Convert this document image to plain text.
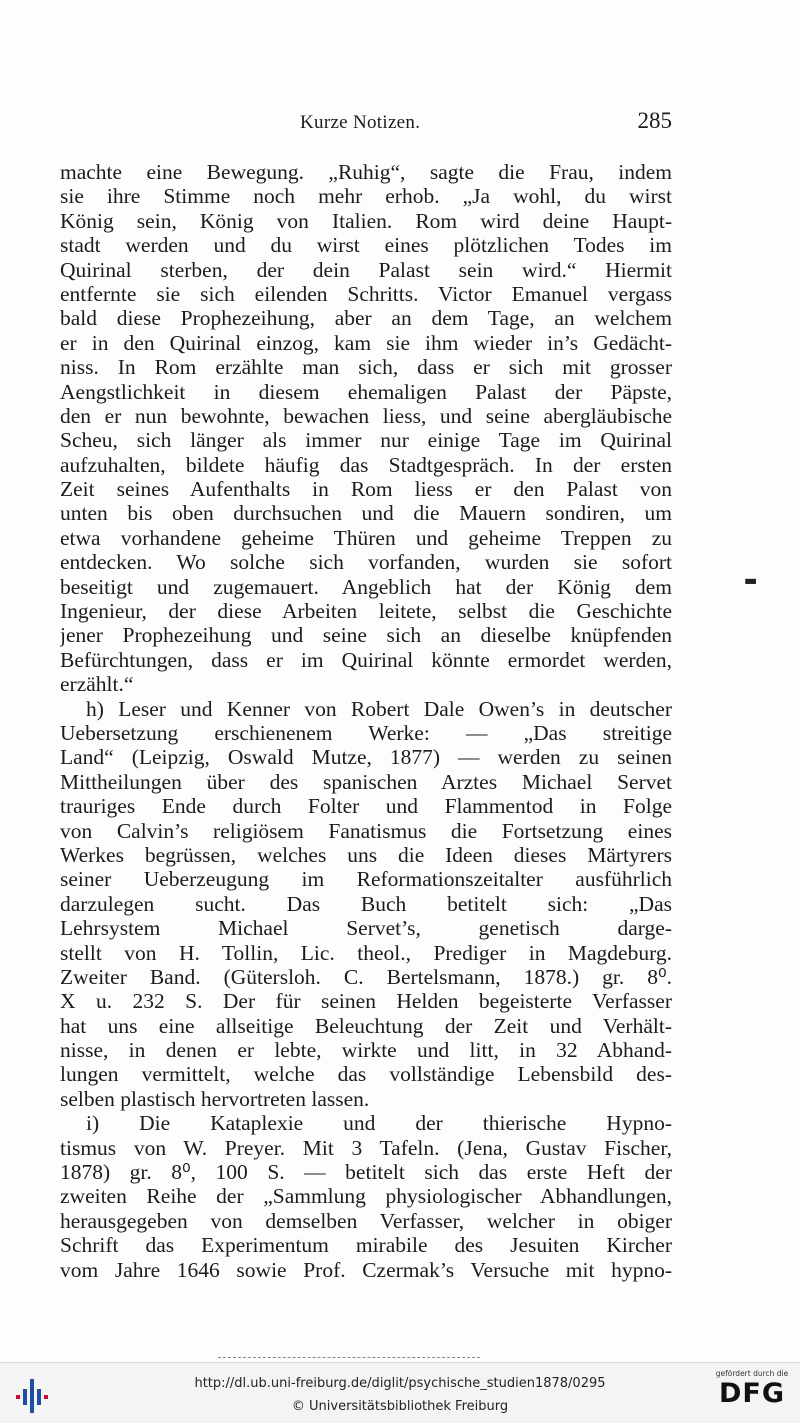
Kurze Notizen.	285
machte eine Bewegung. „Ruhig“, sagte die Frau, indem
sie ihre Stimme noch mehr erhob. „Ja wohl, du wirst
König sein, König von Italien. Rom wird deine Haupt-
stadt werden und du wirst eines plötzlichen Todes im
Quirinal sterben, der dein Palast sein wird.“ Hiermit
entfernte sie sich eilenden Schritts. Victor Emanuel vergass
bald diese Prophezeihung, aber an dem Tage, an welchem
er in den Quirinal einzog, kam sie ihm wieder in’s Gedächt-
niss. In Rom erzählte man sich, dass er sich mit grosser
Aengstlichkeit in diesem ehemaligen Palast der Päpste,
den er nun bewohnte, bewachen liess, und seine abergläubische
Scheu, sich länger als immer nur einige Tage im Quirinal
aufzuhalten, bildete häufig das Stadtgespräch. In der ersten
Zeit seines Aufenthalts in Rom liess er den Palast von
unten bis oben durchsuchen und die Mauern sondiren, um
etwa vorhandene geheime Thüren und geheime Treppen zu
entdecken. Wo solche sich vorfanden, wurden sie sofort
beseitigt und zugemauert. Angeblich hat der König dem
Ingenieur, der diese Arbeiten leitete, selbst die Geschichte
jener Prophezeihung und seine sich an dieselbe knüpfenden
Befürchtungen, dass er im Quirinal könnte ermordet werden,
erzählt.“
h) Leser und Kenner von Robert Dale Owen’s in deutscher
Uebersetzung erschienenem Werke: — „Das streitige
Land“ (Leipzig, Oswald Mutze, 1877) — werden zu seinen
Mittheilungen über des spanischen Arztes Michael Servet
trauriges Ende durch Folter und Flammentod in Folge
von Calvin’s religiösem Fanatismus die Fortsetzung eines
Werkes begrüssen, welches uns die Ideen dieses Märtyrers
seiner Ueberzeugung im Reformationszeitalter ausführlich
darzulegen sucht. Das Buch betitelt sich: „Das
Lehrsystem Michael Servet’s, genetisch darge-
stellt von H. Tollin, Lic. theol., Prediger in Magdeburg.
Zweiter Band. (Gütersloh. C. Bertelsmann, 1878.) gr. 8⁰.
X u. 232 S. Der für seinen Helden begeisterte Verfasser
hat uns eine allseitige Beleuchtung der Zeit und Verhält-
nisse, in denen er lebte, wirkte und litt, in 32 Abhand-
lungen vermittelt, welche das vollständige Lebensbild des-
selben plastisch hervortreten lassen.
i) Die Kataplexie und der thierische Hypno-
tismus von W. Preyer. Mit 3 Tafeln. (Jena, Gustav Fischer,
1878) gr. 8⁰, 100 S. — betitelt sich das erste Heft der
zweiten Reihe der „Sammlung physiologischer Abhandlungen,
herausgegeben von demselben Verfasser, welcher in obiger
Schrift das Experimentum mirabile des Jesuiten Kircher
vom Jahre 1646 sowie Prof. Czermak’s Versuche mit hypno-
▬
http://dl.ub.uni-freiburg.de/diglit/psychische_studien1878/0295
© Universitätsbibliothek Freiburg
gefördert durch die
DFG
